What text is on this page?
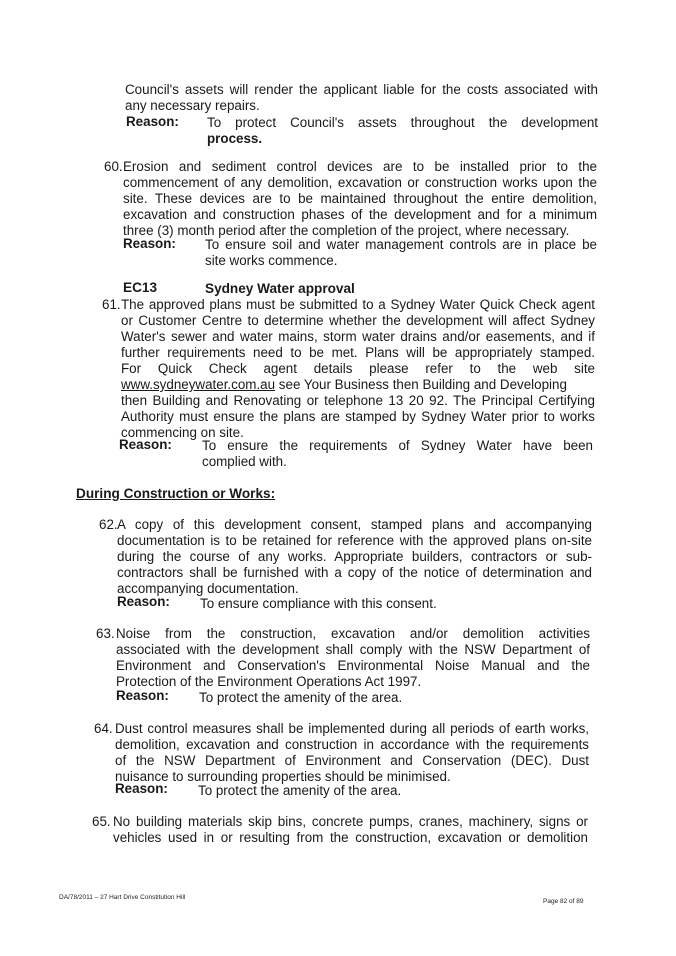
Council's assets will render the applicant liable for the costs associated with
any necessary repairs.
Reason: To protect Council's assets throughout the development
process.
60. Erosion and sediment control devices are to be installed prior to the
commencement of any demolition, excavation or construction works upon the
site. These devices are to be maintained throughout the entire demolition,
excavation and construction phases of the development and for a minimum
three (3) month period after the completion of the project, where necessary.
Reason: To ensure soil and water management controls are in place be
site works commence.
EC13	Sydney Water approval
61. The approved plans must be submitted to a Sydney Water Quick Check agent
or Customer Centre to determine whether the development will affect Sydney
Water's sewer and water mains, storm water drains and/or easements, and if
further requirements need to be met. Plans will be appropriately stamped.
For Quick Check agent details please refer to the web site
www.sydneywater.com.au see Your Business then Building and Developing
then Building and Renovating or telephone 13 20 92. The Principal Certifying
Authority must ensure the plans are stamped by Sydney Water prior to works
commencing on site.
Reason: To ensure the requirements of Sydney Water have been
complied with.
During Construction or Works:
62. A copy of this development consent, stamped plans and accompanying
documentation is to be retained for reference with the approved plans on-site
during the course of any works. Appropriate builders, contractors or sub-
contractors shall be furnished with a copy of the notice of determination and
accompanying documentation.
Reason: To ensure compliance with this consent.
63. Noise from the construction, excavation and/or demolition activities
associated with the development shall comply with the NSW Department of
Environment and Conservation's Environmental Noise Manual and the
Protection of the Environment Operations Act 1997.
Reason: To protect the amenity of the area.
64. Dust control measures shall be implemented during all periods of earth works,
demolition, excavation and construction in accordance with the requirements
of the NSW Department of Environment and Conservation (DEC). Dust
nuisance to surrounding properties should be minimised.
Reason: To protect the amenity of the area.
65. No building materials skip bins, concrete pumps, cranes, machinery, signs or
vehicles used in or resulting from the construction, excavation or demolition
DA/78/2011 – 27 Hart Drive Constitution Hill
Page 82 of 89
